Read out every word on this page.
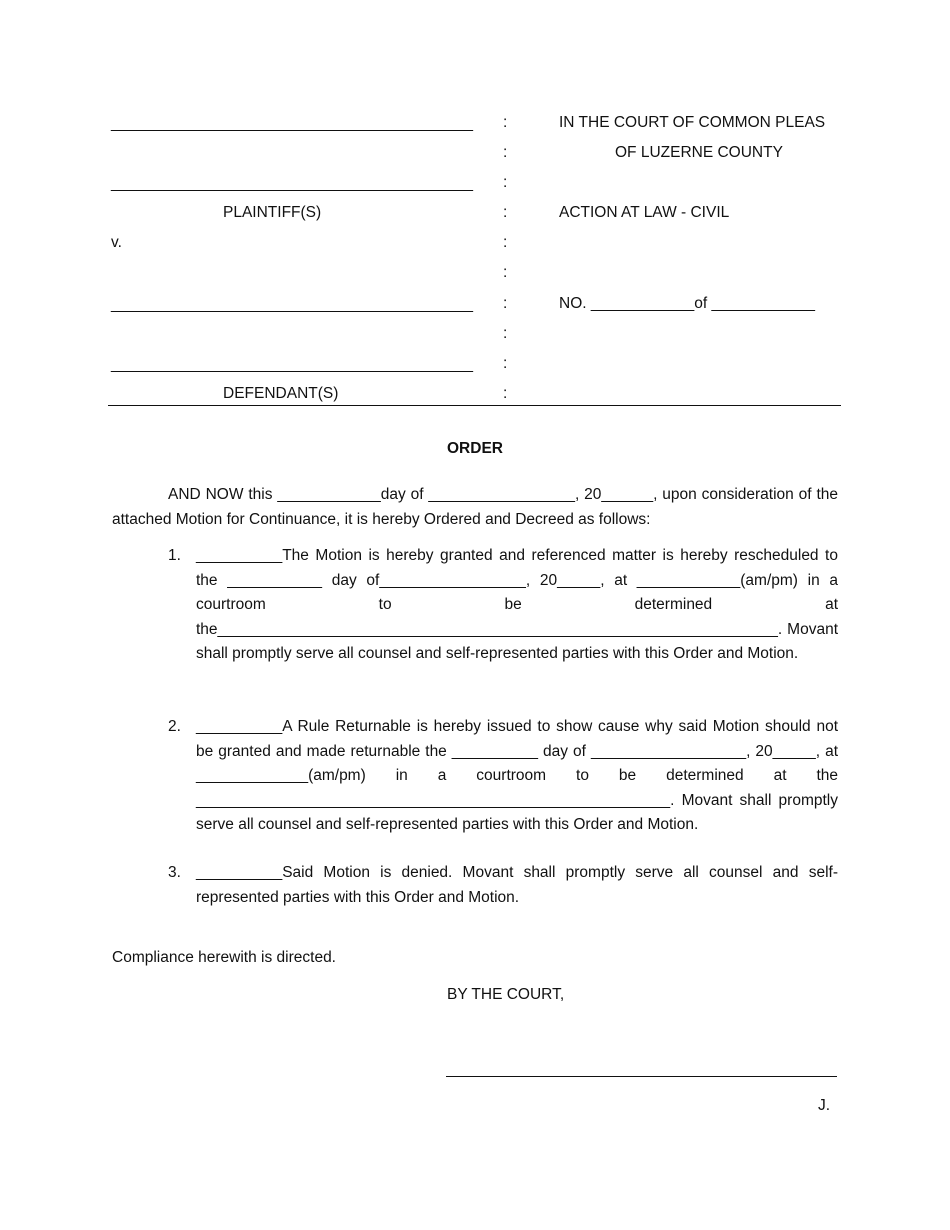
__________________________________________
__________________________________________
PLAINTIFF(S)
v.
__________________________________________
__________________________________________
DEFENDANT(S)
:
:
:
:
:
:
:
:
:
:
IN THE COURT OF COMMON PLEAS
OF LUZERNE COUNTY
ACTION AT LAW - CIVIL
NO. ____________of ____________
ORDER
AND NOW this ____________day of _________________, 20______, upon consideration of the attached Motion for Continuance, it is hereby Ordered and Decreed as follows:
1. __________The Motion is hereby granted and referenced matter is hereby rescheduled to the ___________ day of_________________, 20_____, at ____________(am/pm) in a courtroom to be determined at the_________________________________________________________________. Movant shall promptly serve all counsel and self-represented parties with this Order and Motion.
2. __________A Rule Returnable is hereby issued to show cause why said Motion should not be granted and made returnable the __________ day of __________________, 20_____, at _____________(am/pm) in a courtroom to be determined at the _______________________________________________________. Movant shall promptly serve all counsel and self-represented parties with this Order and Motion.
3. __________Said Motion is denied. Movant shall promptly serve all counsel and self-represented parties with this Order and Motion.
Compliance herewith is directed.
BY THE COURT,
J.
